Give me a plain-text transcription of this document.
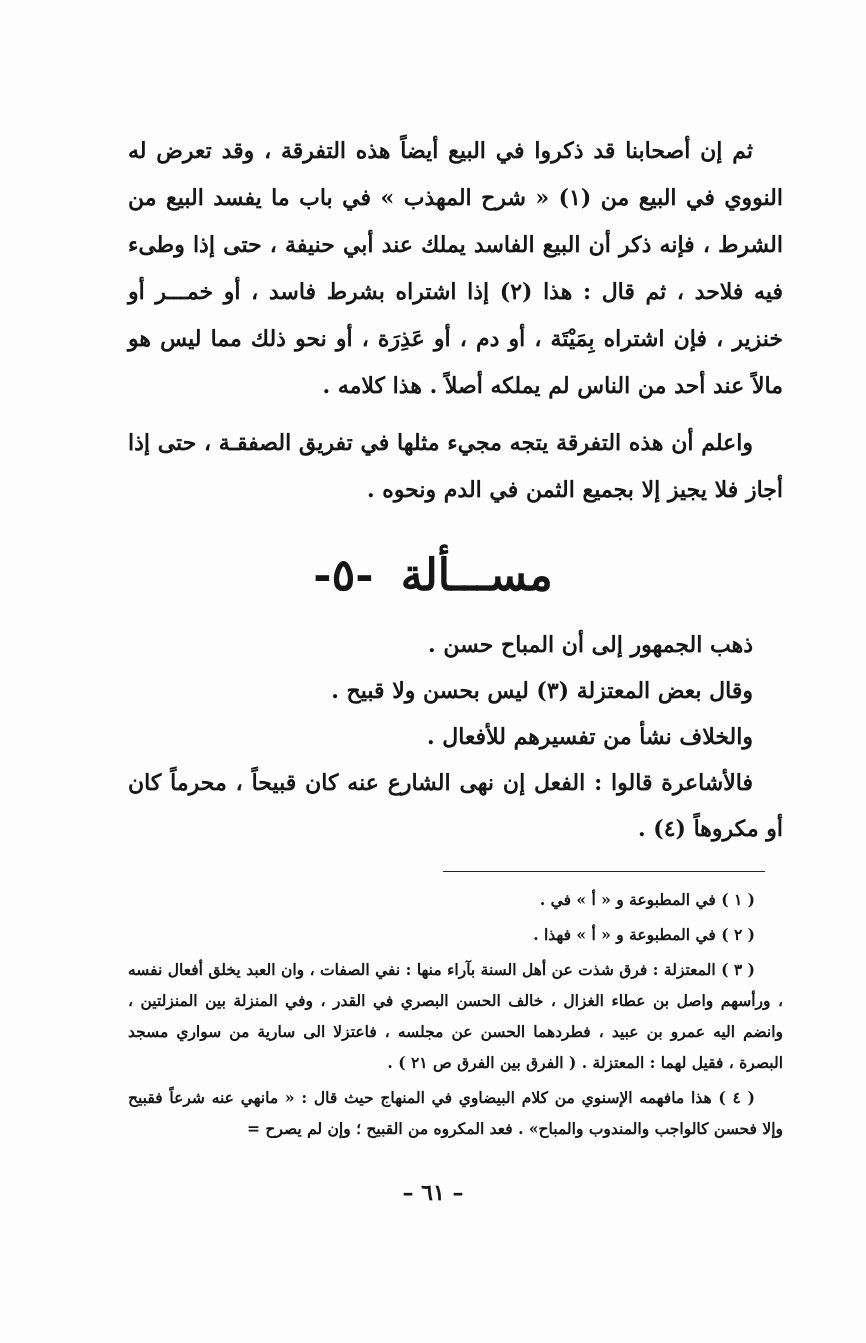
ثم إن أصحابنا قد ذكروا في البيع أيضاً هذه التفرقة ، وقد تعرض له النووي في البيع من (١) « شرح المهذب » في باب ما يفسد البيع من الشرط ، فإنه ذكر أن البيع الفاسد يملك عند أبي حنيفة ، حتى إذا وطىء فيه فلاحد ، ثم قال : هذا (٢) إذا اشتراه بشرط فاسد ، أو خمـــر أو خنزير ، فإن اشتراه بِمَيْتَة ، أو دم ، أو عَذِرَة ، أو نحو ذلك مما ليس هو مالاً عند أحد من الناس لم يملكه أصلاً . هذا كلامه .

واعلم أن هذه التفرقة يتجه مجيء مثلها في تفريق الصفقـة ، حتى إذا أجاز فلا يجيز إلا بجميع الثمن في الدم ونحوه .

مســـألة -٥-

ذهب الجمهور إلى أن المباح حسن .

وقال بعض المعتزلة (٣) ليس بحسن ولا قبيح .

والخلاف نشأ من تفسيرهم للأفعال .

فالأشاعرة قالوا : الفعل إن نهى الشارع عنه كان قبيحاً ، محرماً كان أو مكروهاً (٤) .

( ١ ) في المطبوعة و « أ » في .

( ٢ ) في المطبوعة و « أ » فهذا .

( ٣ ) المعتزلة : فرق شذت عن أهل السنة بآراء منها : نفي الصفات ، وان العبد يخلق أفعال نفسه ، ورأسهم واصل بن عطاء الغزال ، خالف الحسن البصري في القدر ، وفي المنزلة بين المنزلتين ، وانضم اليه عمرو بن عبيد ، فطردهما الحسن عن مجلسه ، فاعتزلا الى سارية من سواري مسجد البصرة ، فقيل لهما : المعتزلة . ( الفرق بين الفرق ص ٢١ ) .

( ٤ ) هذا مافهمه الإسنوي من كلام البيضاوي في المنهاج حيث قال : « مانهي عنه شرعاً فقبيح وإلا فحسن كالواجب والمندوب والمباح» . فعد المكروه من القبيح ؛ وإن لم يصرح =

– ٦١ –
